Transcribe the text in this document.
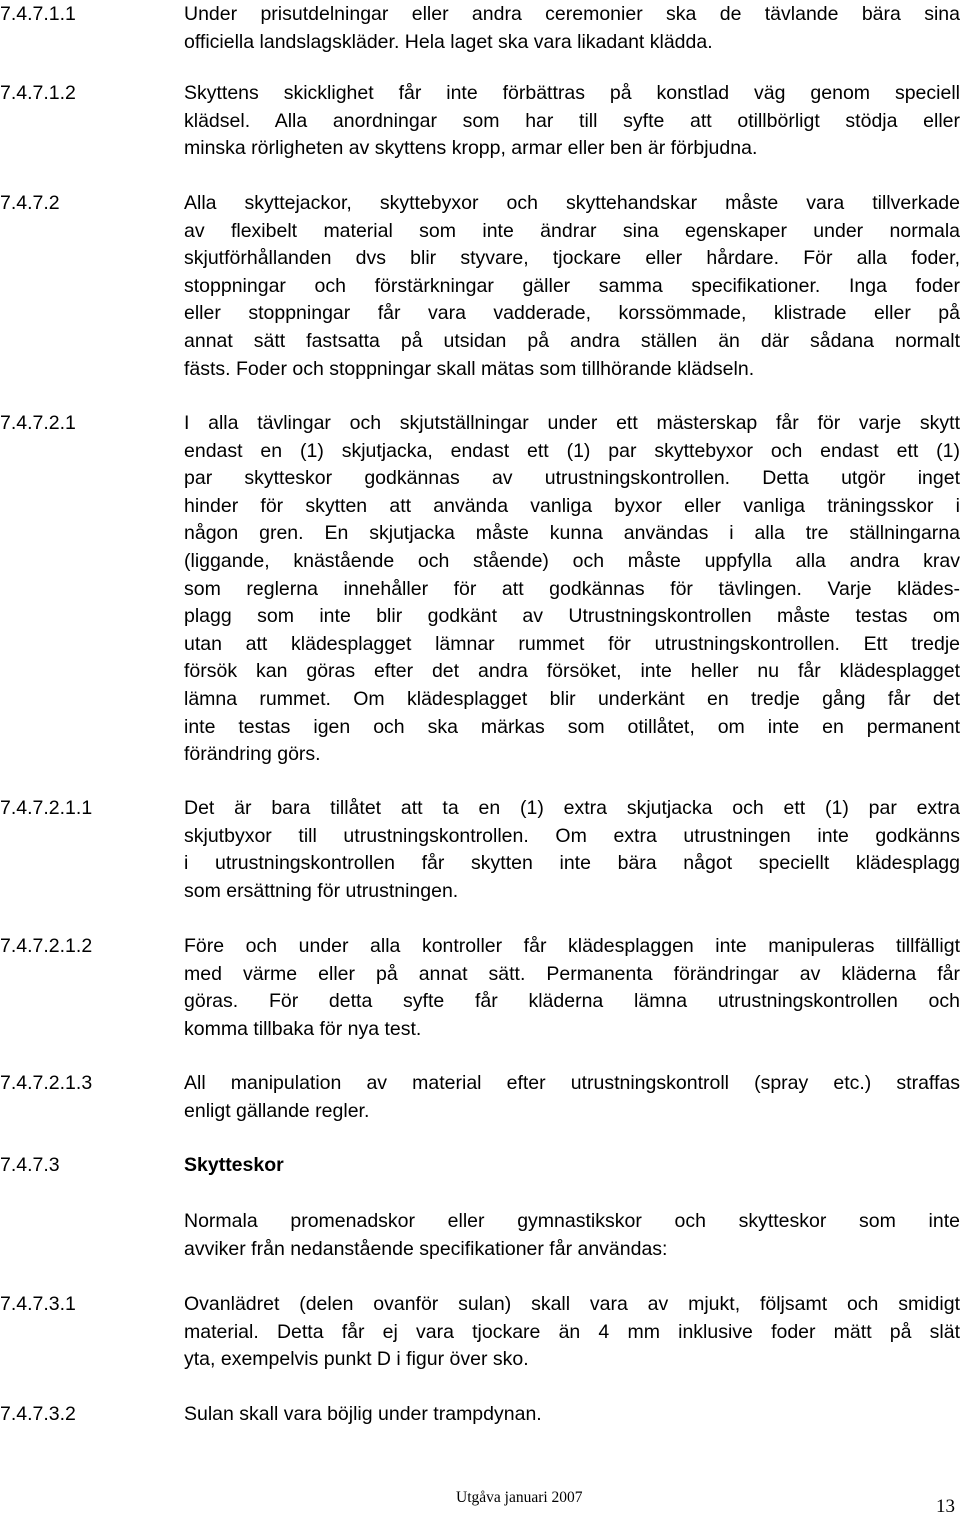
7.4.7.1.1	Under prisutdelningar eller andra ceremonier ska de tävlande bära sina
officiella landslagskläder. Hela laget ska vara likadant klädda.
7.4.7.1.2	Skyttens skicklighet får inte förbättras på konstlad väg genom speciell
klädsel. Alla anordningar som har till syfte att otillbörligt stödja eller
minska rörligheten av skyttens kropp, armar eller ben är förbjudna.
7.4.7.2	Alla skyttejackor, skyttebyxor och skyttehandskar måste vara tillverkade
av flexibelt material som inte ändrar sina egenskaper under normala
skjutförhållanden dvs blir styvare, tjockare eller hårdare. För alla foder,
stoppningar och förstärkningar gäller samma specifikationer. Inga foder
eller stoppningar får vara vadderade, korssömmade, klistrade eller på
annat sätt fastsatta på utsidan på andra ställen än där sådana normalt
fästs. Foder och stoppningar skall mätas som tillhörande klädseln.
7.4.7.2.1	I alla tävlingar och skjutställningar under ett mästerskap får för varje skytt
endast en (1) skjutjacka, endast ett (1) par skyttebyxor och endast ett (1)
par skytteskor godkännas av utrustningskontrollen. Detta utgör inget
hinder för skytten att använda vanliga byxor eller vanliga träningsskor i
någon gren. En skjutjacka måste kunna användas i alla tre ställningarna
(liggande, knästående och stående) och måste uppfylla alla andra krav
som reglerna innehåller för att godkännas för tävlingen. Varje klädes-
plagg som inte blir godkänt av Utrustningskontrollen måste testas om
utan att klädesplagget lämnar rummet för utrustningskontrollen. Ett tredje
försök kan göras efter det andra försöket, inte heller nu får klädesplagget
lämna rummet. Om klädesplagget blir underkänt en tredje gång får det
inte testas igen och ska märkas som otillåtet, om inte en permanent
förändring görs.
7.4.7.2.1.1	Det är bara tillåtet att ta en (1) extra skjutjacka och ett (1) par extra
skjutbyxor till utrustningskontrollen. Om extra utrustningen inte godkänns
i utrustningskontrollen får skytten inte bära något speciellt klädesplagg
som ersättning för utrustningen.
7.4.7.2.1.2	Före och under alla kontroller får klädesplaggen inte manipuleras tillfälligt
med värme eller på annat sätt. Permanenta förändringar av kläderna får
göras. För detta syfte får kläderna lämna utrustningskontrollen och
komma tillbaka för nya test.
7.4.7.2.1.3	All manipulation av material efter utrustningskontroll (spray etc.) straffas
enligt gällande regler.
7.4.7.3	Skytteskor
Normala promenadskor eller gymnastikskor och skytteskor som inte
avviker från nedanstående specifikationer får användas:
7.4.7.3.1	Ovanlädret (delen ovanför sulan) skall vara av mjukt, följsamt och smidigt
material. Detta får ej vara tjockare än 4 mm inklusive foder mätt på slät
yta, exempelvis punkt D i figur över sko.
7.4.7.3.2	Sulan skall vara böjlig under trampdynan.
Utgåva januari 2007	13
